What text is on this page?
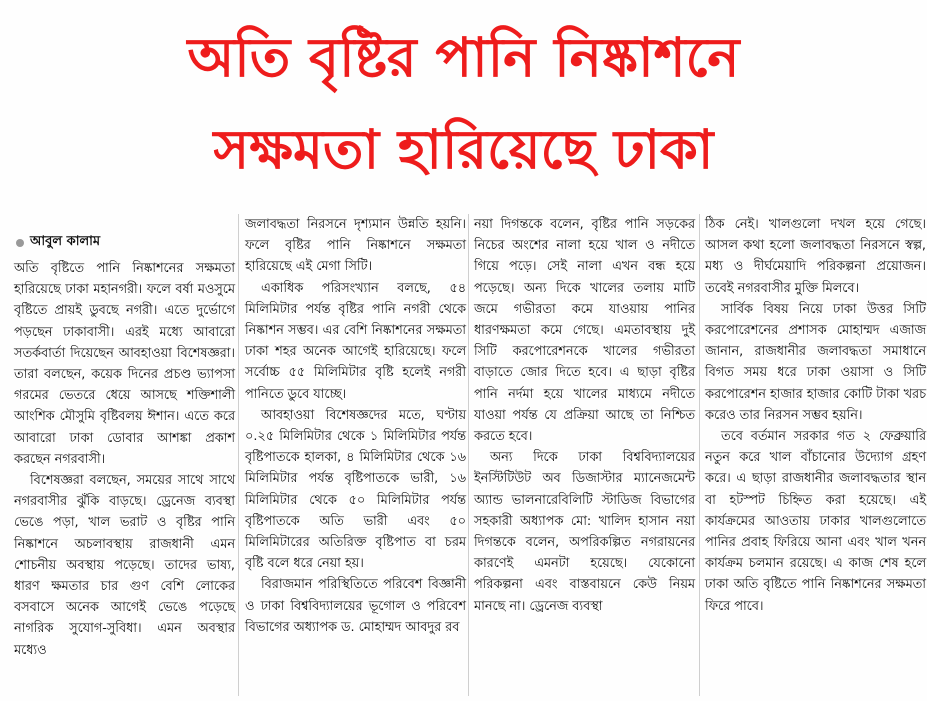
অতি বৃষ্টির পানি নিষ্কাশনে
সক্ষমতা হারিয়েছে ঢাকা
আবুল কালাম

অতি বৃষ্টিতে পানি নিষ্কাশনের সক্ষমতা হারিয়েছে ঢাকা মহানগরী। ফলে বর্ষা মওসুমে বৃষ্টিতে প্রায়ই ডুবছে নগরী। এতে দুর্ভোগে পড়ছেন ঢাকাবাসী। এরই মধ্যে আবারো সতর্কবার্তা দিয়েছেন আবহাওয়া বিশেষজ্ঞরা। তারা বলছেন, কয়েক দিনের প্রচণ্ড ভ্যাপসা গরমের ভেতরে ধেয়ে আসছে শক্তিশালী আংশিক মৌসুমি বৃষ্টিবলয় ঈশান। এতে করে আবারো ঢাকা ডোবার আশঙ্কা প্রকাশ করছেন নগরবাসী।

বিশেষজ্ঞরা বলছেন, সময়ের সাথে সাথে নগরবাসীর ঝুঁকি বাড়ছে। ড্রেনেজ ব্যবস্থা ভেঙে পড়া, খাল ভরাট ও বৃষ্টির পানি নিষ্কাশনে অচলাবস্থায় রাজধানী এমন শোচনীয় অবস্থায় পড়েছে। তাদের ভাষ্য, ধারণ ক্ষমতার চার গুণ বেশি লোকের বসবাসে অনেক আগেই ভেঙে পড়েছে নাগরিক সুযোগ-সুবিধা। এমন অবস্থার মধ্যেও

জলাবদ্ধতা নিরসনে দৃশ্যমান উন্নতি হয়নি। ফলে বৃষ্টির পানি নিষ্কাশনে সক্ষমতা হারিয়েছে এই মেগা সিটি।

একাধিক পরিসংখ্যান বলছে, ৫৪ মিলিমিটার পর্যন্ত বৃষ্টির পানি নগরী থেকে নিষ্কাশন সম্ভব। এর বেশি নিষ্কাশনের সক্ষমতা ঢাকা শহর অনেক আগেই হারিয়েছে। ফলে সর্বোচ্চ ৫৫ মিলিমিটার বৃষ্টি হলেই নগরী পানিতে ডুবে যাচ্ছে।

আবহাওয়া বিশেষজ্ঞদের মতে, ঘণ্টায় ০.২৫ মিলিমিটার থেকে ১ মিলিমিটার পর্যন্ত বৃষ্টিপাতকে হালকা, ৪ মিলিমিটার থেকে ১৬ মিলিমিটার পর্যন্ত বৃষ্টিপাতকে ভারী, ১৬ মিলিমিটার থেকে ৫০ মিলিমিটার পর্যন্ত বৃষ্টিপাতকে অতি ভারী এবং ৫০ মিলিমিটারের অতিরিক্ত বৃষ্টিপাত বা চরম বৃষ্টি বলে ধরে নেয়া হয়।

বিরাজমান পরিস্থিতিতে পরিবেশ বিজ্ঞানী ও ঢাকা বিশ্ববিদ্যালয়ের ভূগোল ও পরিবেশ বিভাগের অধ্যাপক ড. মোহাম্মদ আবদুর রব

নয়া দিগন্তকে বলেন, বৃষ্টির পানি সড়কের নিচের অংশের নালা হয়ে খাল ও নদীতে গিয়ে পড়ে। সেই নালা এখন বন্ধ হয়ে পড়েছে। অন্য দিকে খালের তলায় মাটি জমে গভীরতা কমে যাওয়ায় পানির ধারণক্ষমতা কমে গেছে। এমতাবস্থায় দুই সিটি করপোরেশনকে খালের গভীরতা বাড়াতে জোর দিতে হবে। এ ছাড়া বৃষ্টির পানি নর্দমা হয়ে খালের মাধ্যমে নদীতে যাওয়া পর্যন্ত যে প্রক্রিয়া আছে তা নিশ্চিত করতে হবে।

অন্য দিকে ঢাকা বিশ্ববিদ্যালয়ের ইনস্টিটিউট অব ডিজাস্টার ম্যানেজমেন্ট অ্যান্ড ভালনারেবিলিটি স্টাডিজ বিভাগের সহকারী অধ্যাপক মো: খালিদ হাসান নয়া দিগন্তকে বলেন, অপরিকল্পিত নগরায়নের কারণেই এমনটা হয়েছে। যেকোনো পরিকল্পনা এবং বাস্তবায়নে কেউ নিয়ম মানছে না। ড্রেনেজ ব্যবস্থা

ঠিক নেই। খালগুলো দখল হয়ে গেছে। আসল কথা হলো জলাবদ্ধতা নিরসনে স্বল্প, মধ্য ও দীর্ঘমেয়াদি পরিকল্পনা প্রয়োজন। তবেই নগরবাসীর মুক্তি মিলবে।

সার্বিক বিষয় নিয়ে ঢাকা উত্তর সিটি করপোরেশনের প্রশাসক মোহাম্মদ এজাজ জানান, রাজধানীর জলাবদ্ধতা সমাধানে বিগত সময় ধরে ঢাকা ওয়াসা ও সিটি করপোরেশন হাজার হাজার কোটি টাকা খরচ করেও তার নিরসন সম্ভব হয়নি।

তবে বর্তমান সরকার গত ২ ফেব্রুয়ারি নতুন করে খাল বাঁচানোর উদ্যোগ গ্রহণ করে। এ ছাড়া রাজধানীর জলাবদ্ধতার স্থান বা হটস্পট চিহ্নিত করা হয়েছে। এই কার্যক্রমের আওতায় ঢাকার খালগুলোতে পানির প্রবাহ ফিরিয়ে আনা এবং খাল খনন কার্যক্রম চলমান রয়েছে। এ কাজ শেষ হলে ঢাকা অতি বৃষ্টিতে পানি নিষ্কাশনের সক্ষমতা ফিরে পাবে।
